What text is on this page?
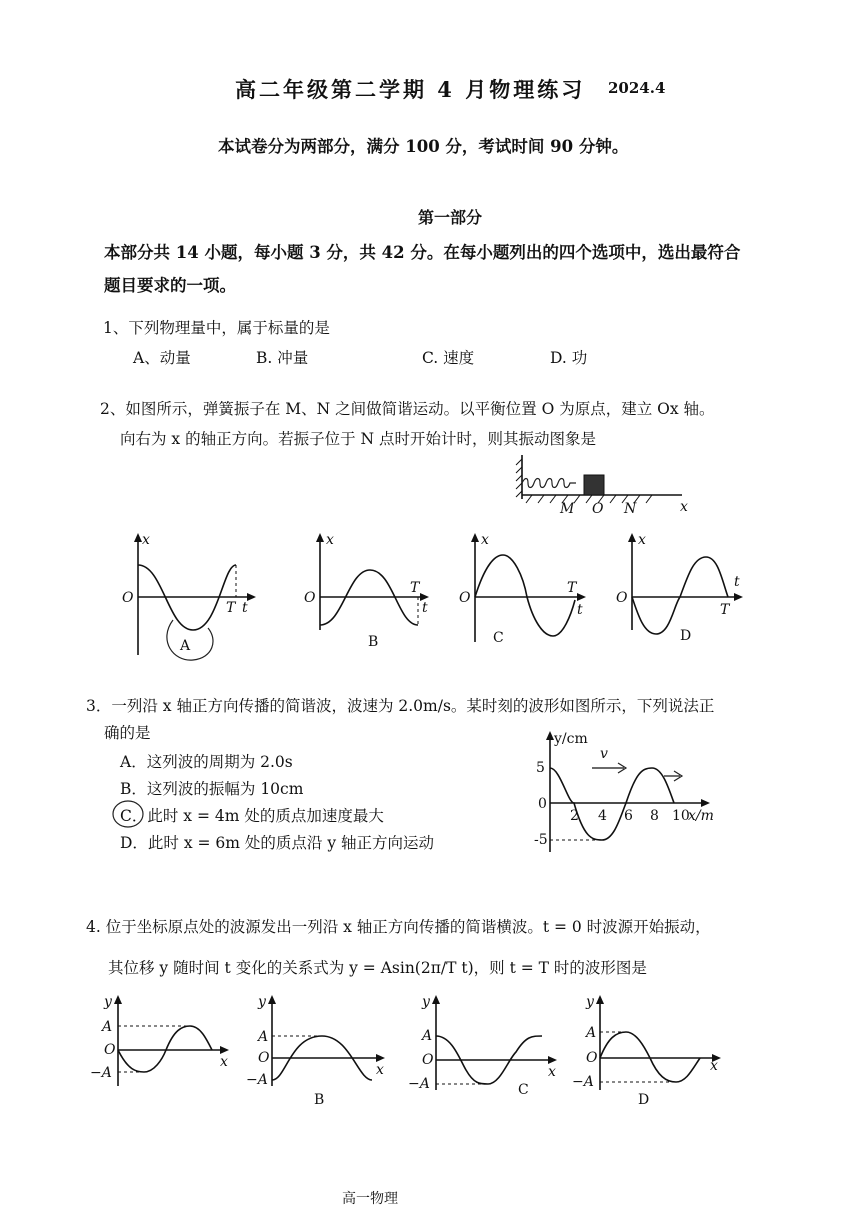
高二年级第二学期 4 月物理练习 2024.4
本试卷分为两部分，满分 100 分，考试时间 90 分钟。
第一部分
本部分共 14 小题，每小题 3 分，共 42 分。在每小题列出的四个选项中，选出最符合题目要求的一项。
1、下列物理量中，属于标量的是
A、动量	B. 冲量	C. 速度	D. 功
2、如图所示，弹簧振子在 M、N 之间做简谐运动。以平衡位置 O 为原点，建立 Ox 轴。
向右为 x 的轴正方向。若振子位于 N 点时开始计时，则其振动图象是
M O N	x
x
O
T t
A
x
O
T
t
B
x
O
T
t
C
x
O
T
t
D
3．一列沿 x 轴正方向传播的简谐波，波速为 2.0m/s。某时刻的波形如图所示，下列说法正
确的是
A．这列波的周期为 2.0s
B．这列波的振幅为 10cm
C．此时 x = 4m 处的质点加速度最大
D．此时 x = 6m 处的质点沿 y 轴正方向运动
y/cm
v
5
0
-5
2 4 6 8 10
x/m
4. 位于坐标原点处的波源发出一列沿 x 轴正方向传播的简谐横波。t = 0 时波源开始振动，
其位移 y 随时间 t 变化的关系式为 y = Asin(2π/T t)，则 t = T 时的波形图是
y
A
O
−A
x
y
A
O
−A
x
B
y
A
O
−A
x
C
y
A
O
−A
x
D
高一物理
